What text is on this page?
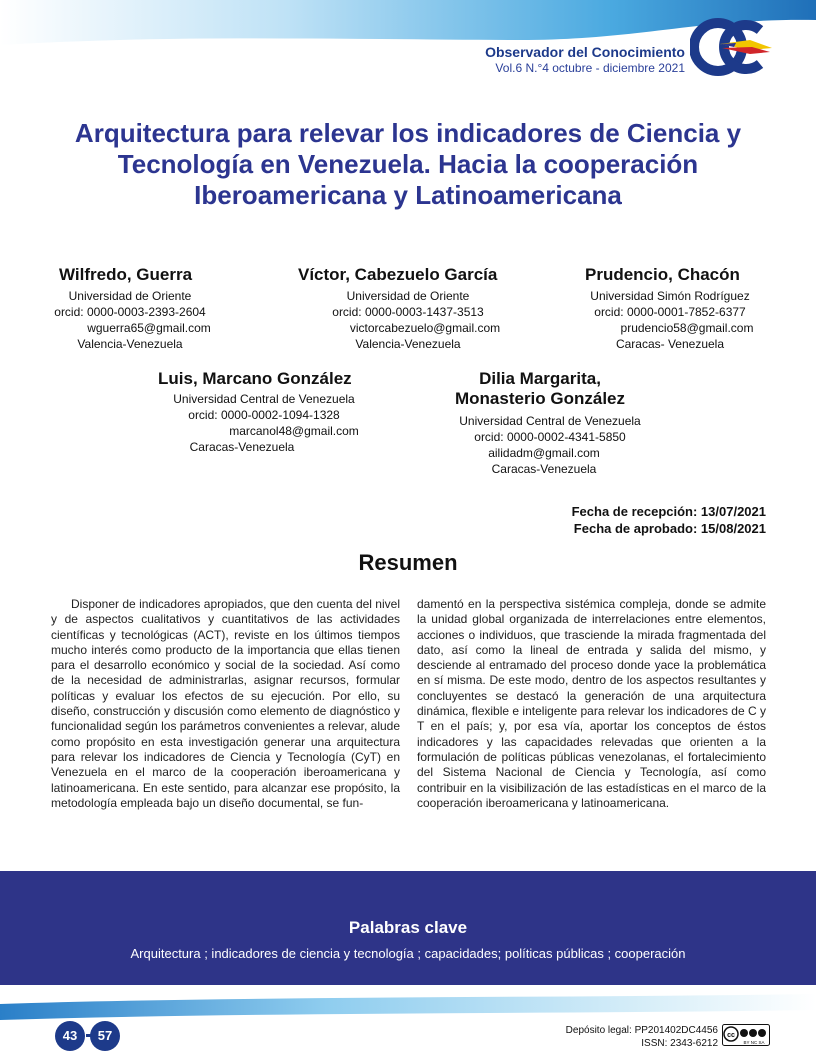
Observador del Conocimiento
Vol.6 N.°4 octubre - diciembre 2021
Arquitectura para relevar los indicadores de Ciencia y Tecnología en Venezuela. Hacia la cooperación Iberoamericana y Latinoamericana
Wilfredo, Guerra
Universidad de Oriente
orcid: 0000-0003-2393-2604
wguerra65@gmail.com
Valencia-Venezuela
Víctor, Cabezuelo García
Universidad de Oriente
orcid: 0000-0003-1437-3513
victorcabezuelo@gmail.com
Valencia-Venezuela
Prudencio, Chacón
Universidad Simón Rodríguez
orcid: 0000-0001-7852-6377
prudencio58@gmail.com
Caracas- Venezuela
Luis, Marcano González
Universidad Central de Venezuela
orcid: 0000-0002-1094-1328
marcanol48@gmail.com
Caracas-Venezuela
Dilia Margarita,
Monasterio González
Universidad Central de Venezuela
orcid: 0000-0002-4341-5850
ailidadm@gmail.com
Caracas-Venezuela
Fecha de recepción: 13/07/2021
Fecha de aprobado: 15/08/2021
Resumen
Disponer de indicadores apropiados, que den cuenta del nivel y de aspectos cualitativos y cuantitativos de las actividades científicas y tecnológicas (ACT), reviste en los últimos tiempos mucho interés como producto de la importancia que ellas tienen para el desarrollo económico y social de la sociedad. Así como de la necesidad de administrarlas, asignar recursos, formular políticas y evaluar los efectos de su ejecución. Por ello, su diseño, construcción y discusión como elemento de diagnóstico y funcionalidad según los parámetros convenientes a relevar, alude como propósito en esta investigación generar una arquitectura para relevar los indicadores de Ciencia y Tecnología (CyT) en Venezuela en el marco de la cooperación iberoamericana y latinoamericana. En este sentido, para alcanzar ese propósito, la metodología empleada bajo un diseño documental, se fun-
damentó en la perspectiva sistémica compleja, donde se admite la unidad global organizada de interrelaciones entre elementos, acciones o individuos, que trasciende la mirada fragmentada del dato, así como la lineal de entrada y salida del mismo, y desciende al entramado del proceso donde yace la problemática en sí misma. De este modo, dentro de los aspectos resultantes y concluyentes se destacó la generación de una arquitectura dinámica, flexible e inteligente para relevar los indicadores de C y T en el país; y, por esa vía, aportar los conceptos de éstos indicadores y las capacidades relevadas que orienten a la formulación de políticas públicas venezolanas, el fortalecimiento del Sistema Nacional de Ciencia y Tecnología, así como contribuir en la visibilización de las estadísticas en el marco de la cooperación iberoamericana y latinoamericana.
Palabras clave
Arquitectura ; indicadores de ciencia y tecnología ; capacidades; políticas públicas ; cooperación
43	57	Depósito legal: PP201402DC4456
ISSN: 2343-6212
cc
BY NC SA
